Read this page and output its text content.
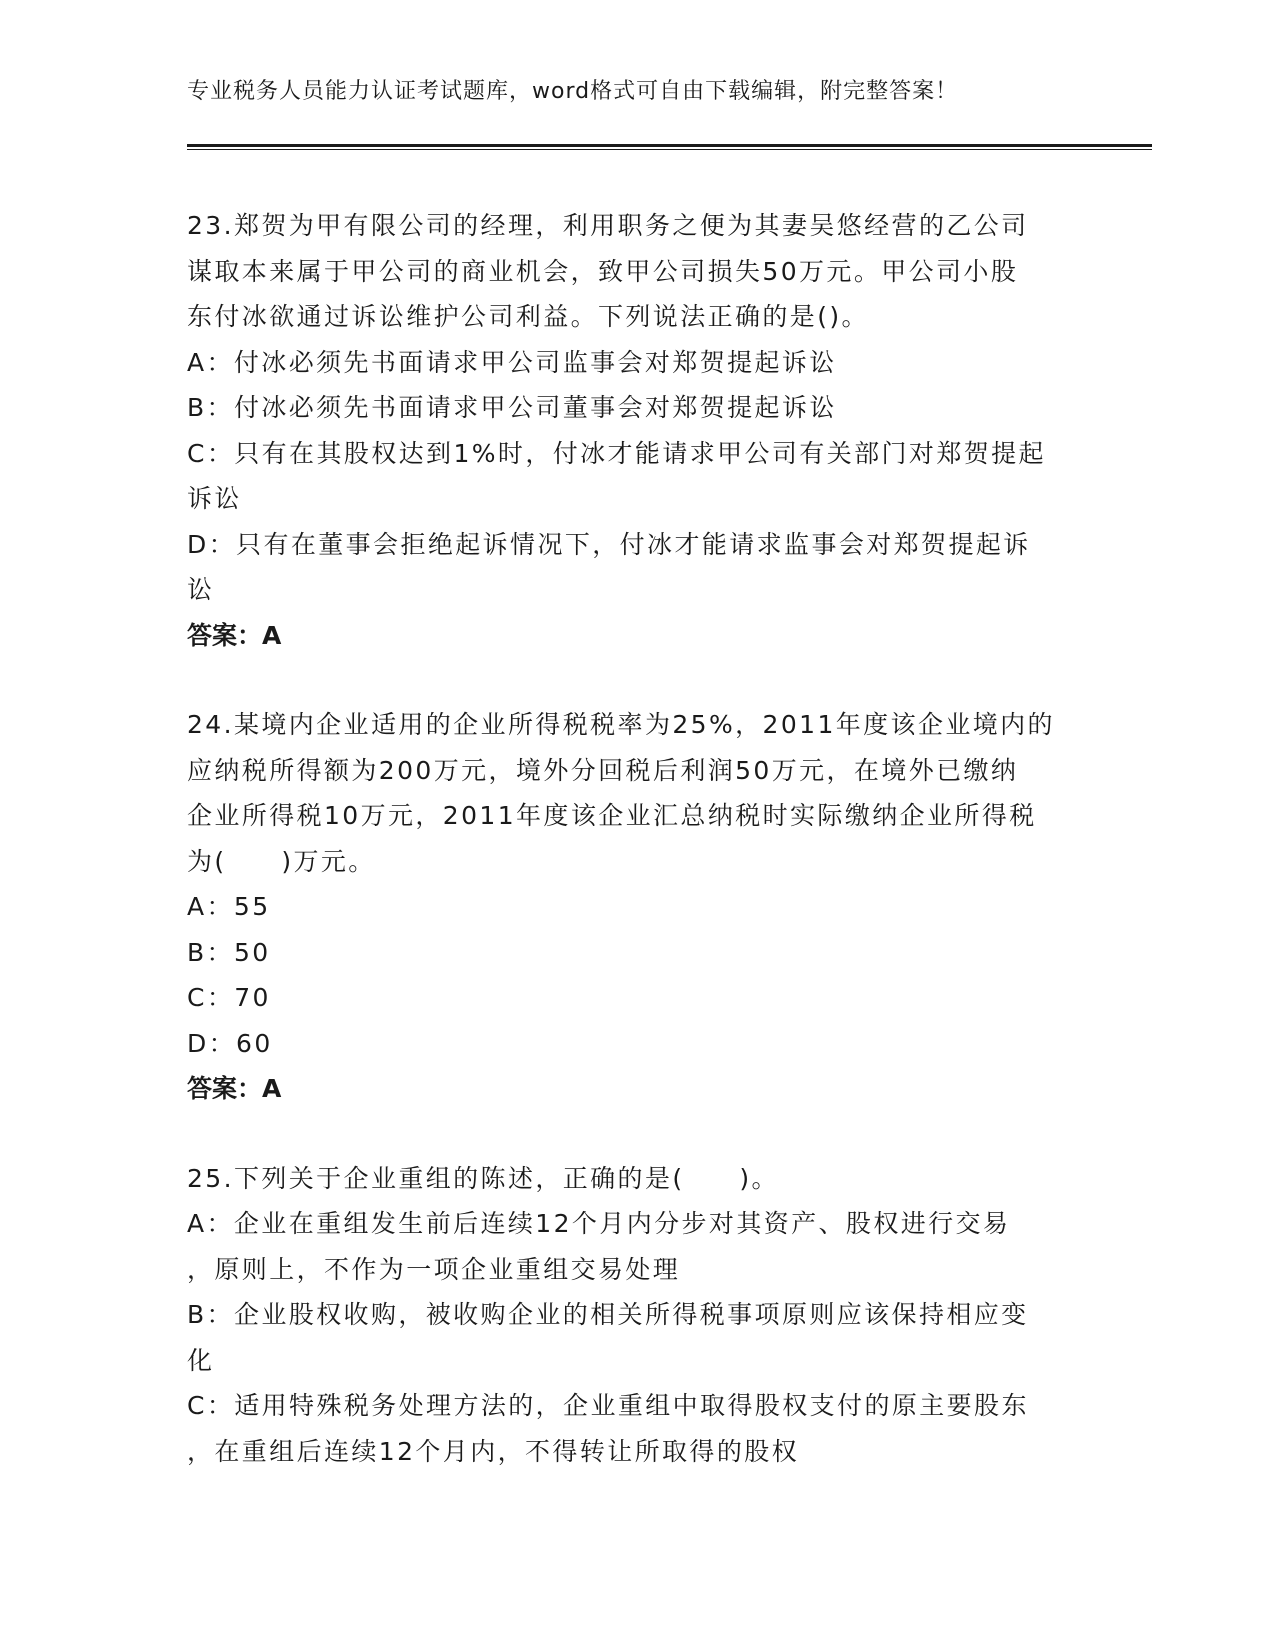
专业税务人员能力认证考试题库，word格式可自由下载编辑，附完整答案！
23.郑贺为甲有限公司的经理，利用职务之便为其妻吴悠经营的乙公司
谋取本来属于甲公司的商业机会，致甲公司损失50万元。甲公司小股
东付冰欲通过诉讼维护公司利益。下列说法正确的是()。
A：付冰必须先书面请求甲公司监事会对郑贺提起诉讼
B：付冰必须先书面请求甲公司董事会对郑贺提起诉讼
C：只有在其股权达到1%时，付冰才能请求甲公司有关部门对郑贺提起
诉讼
D：只有在董事会拒绝起诉情况下，付冰才能请求监事会对郑贺提起诉
讼
答案：A
24.某境内企业适用的企业所得税税率为25%，2011年度该企业境内的
应纳税所得额为200万元，境外分回税后利润50万元，在境外已缴纳
企业所得税10万元，2011年度该企业汇总纳税时实际缴纳企业所得税
为(　　)万元。
A：55
B：50
C：70
D：60
答案：A
25.下列关于企业重组的陈述，正确的是(　　)。
A：企业在重组发生前后连续12个月内分步对其资产、股权进行交易
，原则上，不作为一项企业重组交易处理
B：企业股权收购，被收购企业的相关所得税事项原则应该保持相应变
化
C：适用特殊税务处理方法的，企业重组中取得股权支付的原主要股东
，在重组后连续12个月内，不得转让所取得的股权
